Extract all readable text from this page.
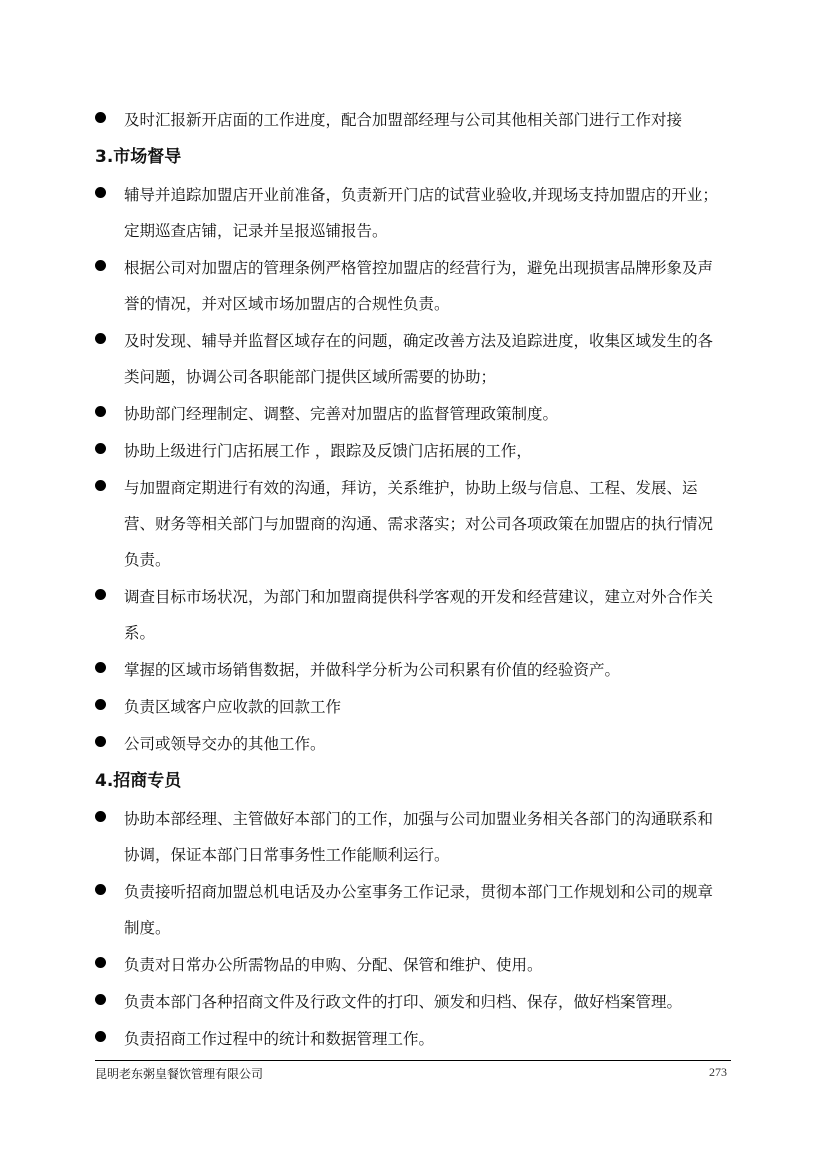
及时汇报新开店面的工作进度，配合加盟部经理与公司其他相关部门进行工作对接
3.市场督导
辅导并追踪加盟店开业前准备，负责新开门店的试营业验收,并现场支持加盟店的开业；定期巡查店铺，记录并呈报巡铺报告。
根据公司对加盟店的管理条例严格管控加盟店的经营行为，避免出现损害品牌形象及声誉的情况，并对区域市场加盟店的合规性负责。
及时发现、辅导并监督区域存在的问题，确定改善方法及追踪进度，收集区域发生的各类问题，协调公司各职能部门提供区域所需要的协助；
协助部门经理制定、调整、完善对加盟店的监督管理政策制度。
协助上级进行门店拓展工作 ，跟踪及反馈门店拓展的工作，
与加盟商定期进行有效的沟通，拜访，关系维护，协助上级与信息、工程、发展、运营、财务等相关部门与加盟商的沟通、需求落实；对公司各项政策在加盟店的执行情况负责。
调查目标市场状况，为部门和加盟商提供科学客观的开发和经营建议，建立对外合作关系。
掌握的区域市场销售数据，并做科学分析为公司积累有价值的经验资产。
负责区域客户应收款的回款工作
公司或领导交办的其他工作。
4.招商专员
协助本部经理、主管做好本部门的工作，加强与公司加盟业务相关各部门的沟通联系和协调，保证本部门日常事务性工作能顺利运行。
负责接听招商加盟总机电话及办公室事务工作记录，贯彻本部门工作规划和公司的规章制度。
负责对日常办公所需物品的申购、分配、保管和维护、使用。
负责本部门各种招商文件及行政文件的打印、颁发和归档、保存，做好档案管理。
负责招商工作过程中的统计和数据管理工作。
昆明老东粥皇餐饮管理有限公司	273
